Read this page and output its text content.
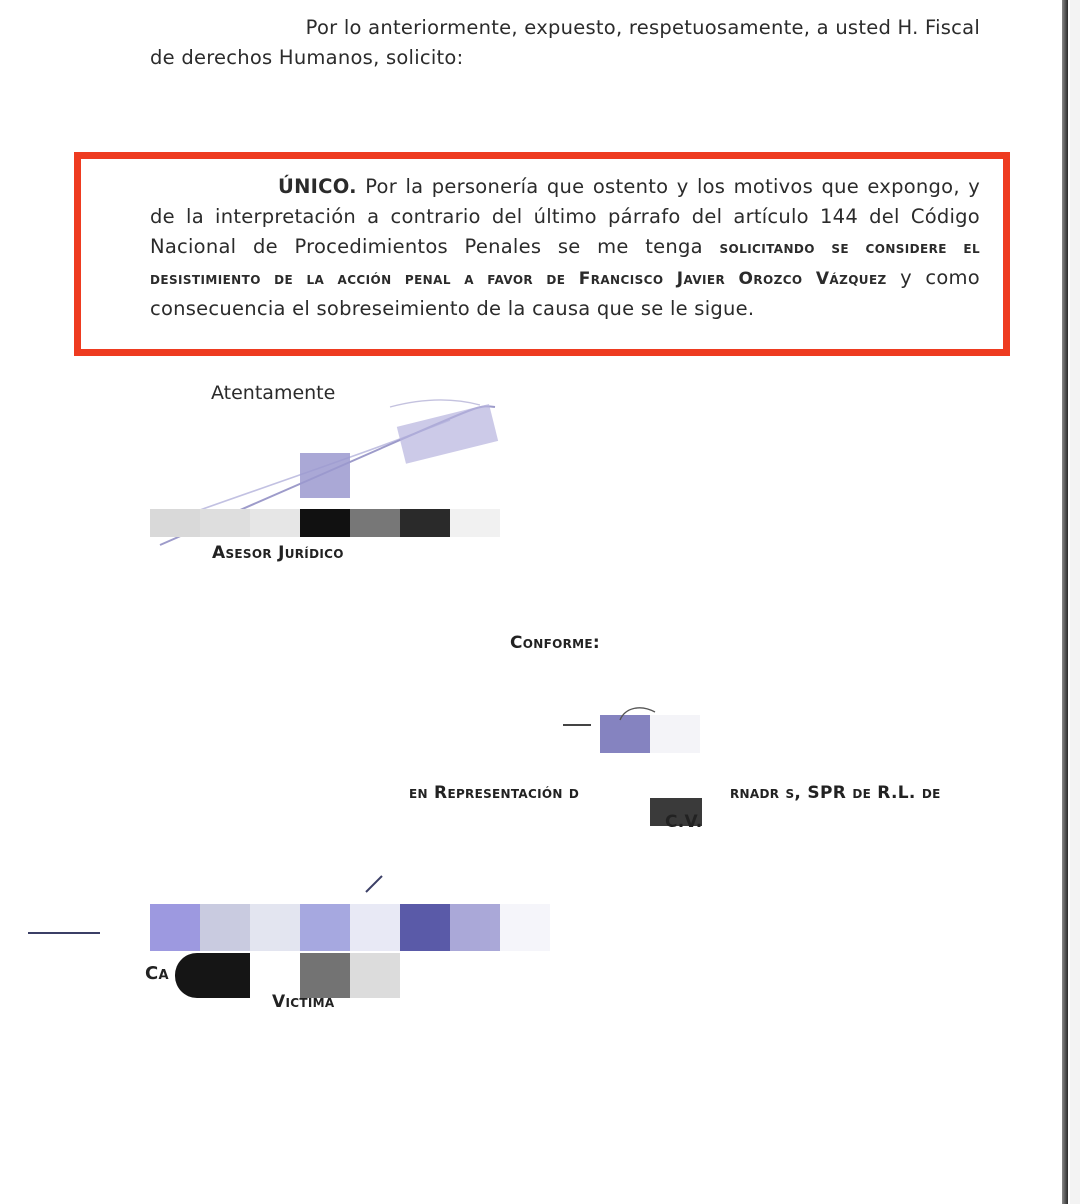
Por lo anteriormente, expuesto, respetuosamente, a usted H. Fiscal
de derechos Humanos, solicito:

ÚNICO. Por la personería que ostento y los motivos que expongo, y de la interpretación a contrario del último párrafo del artículo 144 del Código Nacional de Procedimientos Penales se me tenga solicitando se considere el desistimiento de la acción penal a favor de Francisco Javier Orozco Vázquez y como consecuencia el sobreseimiento de la causa que se le sigue.

Atentamente
Asesor Jurídico
Conforme:
en Representación d	rnadr s, SPR de R.L. de
C.V.
Ca
Victima
